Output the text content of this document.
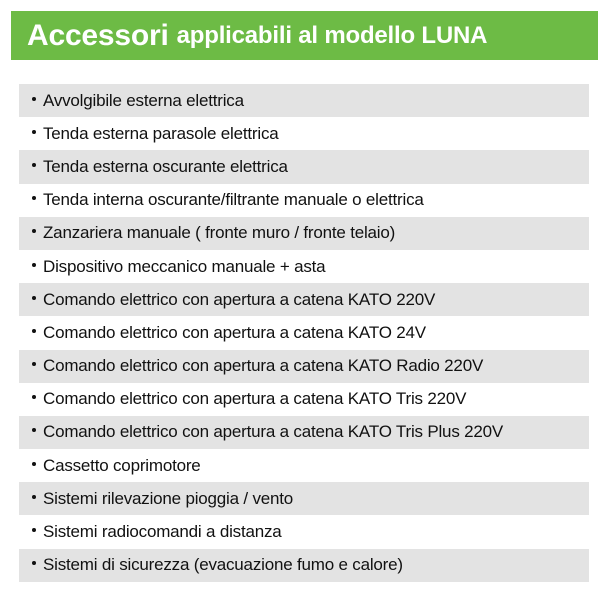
Accessori applicabili al modello LUNA
Avvolgibile esterna elettrica
Tenda esterna parasole elettrica
Tenda esterna oscurante elettrica
Tenda interna oscurante/filtrante manuale o elettrica
Zanzariera manuale ( fronte muro / fronte telaio)
Dispositivo meccanico manuale + asta
Comando elettrico con apertura a catena KATO 220V
Comando elettrico con apertura a catena KATO 24V
Comando elettrico con apertura a catena KATO Radio 220V
Comando elettrico con apertura a catena KATO Tris 220V
Comando elettrico con apertura a catena KATO Tris Plus 220V
Cassetto coprimotore
Sistemi rilevazione pioggia / vento
Sistemi radiocomandi a distanza
Sistemi di sicurezza (evacuazione fumo e calore)
